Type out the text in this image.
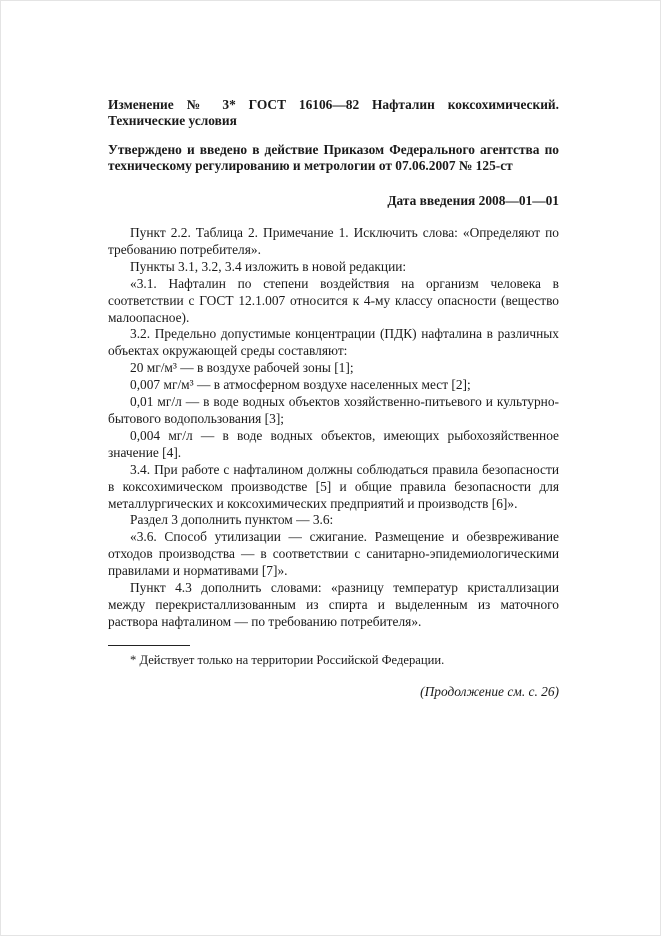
Изменение № 3* ГОСТ 16106—82 Нафталин коксохимический. Технические условия

Утверждено и введено в действие Приказом Федерального агентства по техническому регулированию и метрологии от 07.06.2007 № 125-ст

Дата введения 2008—01—01

Пункт 2.2. Таблица 2. Примечание 1. Исключить слова: «Определяют по требованию потребителя».

Пункты 3.1, 3.2, 3.4 изложить в новой редакции:

«3.1. Нафталин по степени воздействия на организм человека в соответствии с ГОСТ 12.1.007 относится к 4-му классу опасности (вещество малоопасное).

3.2. Предельно допустимые концентрации (ПДК) нафталина в различных объектах окружающей среды составляют:

20 мг/м³ — в воздухе рабочей зоны [1];

0,007 мг/м³ — в атмосферном воздухе населенных мест [2];

0,01 мг/л — в воде водных объектов хозяйственно-питьевого и культурно-бытового водопользования [3];

0,004 мг/л — в воде водных объектов, имеющих рыбохозяйственное значение [4].

3.4. При работе с нафталином должны соблюдаться правила безопасности в коксохимическом производстве [5] и общие правила безопасности для металлургических и коксохимических предприятий и производств [6]».

Раздел 3 дополнить пунктом — 3.6:

«3.6. Способ утилизации — сжигание. Размещение и обезвреживание отходов производства — в соответствии с санитарно-эпидемиологическими правилами и нормативами [7]».

Пункт 4.3 дополнить словами: «разницу температур кристаллизации между перекристаллизованным из спирта и выделенным из маточного раствора нафталином — по требованию потребителя».

* Действует только на территории Российской Федерации.

(Продолжение см. с. 26)
